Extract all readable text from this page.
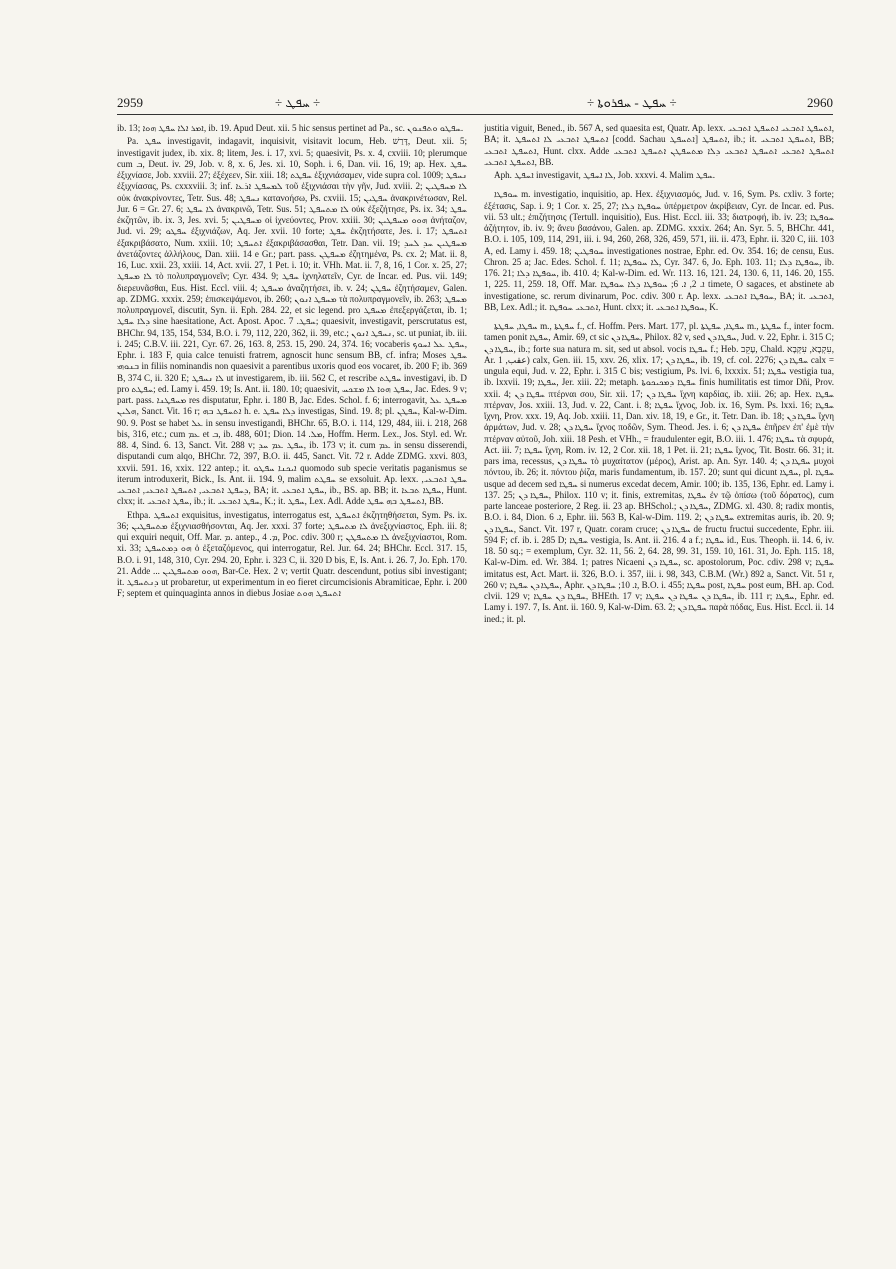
2959	÷ ܚܦܛ ÷	÷ ܚܦܛ - ܚܦܪܘܬܐ ÷	2960

ib. 13; ܐܡܪ ܐܠܐ ܚܦܛ ܗܘܐ, ib. 19. Apud Deut. xii. 5 hic sensus pertinet ad Pa., sc. ܚܦܛܘ ܘܬܦܢܘܢ.

Pa. ܚܦܛ investigavit, indagavit, inquisivit, visitavit locum, Heb. דָּרַשׁ, Deut. xii. 5; investigavit judex, ib. xix. 8; litem, Jes. i. 17, xvi. 5; quaesivit, Ps. x. 4, cxviii. 10; plerumque cum ܒ, Deut. iv. 29, Job. v. 8, x. 6, Jes. xi. 10, Soph. i. 6, Dan. vii. 16, 19; ap. Hex. ܚܦܛ ἐξιχνίασε, Job. xxviii. 27; ἐξέχεεν, Sir. xiii. 18; ܚܦܛܬ ἐξιχνιάσαμεν, vide supra col. 1009; ܢܚܦܛ ἐξιχνίασας, Ps. cxxxviii. 3; inf. ܠܡܚܦܛ ܐܪܥܐ τοῦ ἐξιχνιάσαι τὴν γῆν, Jud. xviii. 2; ܠܐ ܡܚܦܛܝܢ οὐκ ἀνακρίνοντες, Tetr. Sus. 48; ܢܚܦܛ κατανοήσω, Ps. cxviii. 15; ܚܦܛܝܢ ἀνακρινέτωσαν, Rel. Jur. 6 = Gr. 27. 6; ܠܐ ܚܦܛ ἀνακρινῶ, Tetr. Sus. 51; ܠܐ ܡܬܚܦܛ οὐκ ἐξεζήτησε, Ps. ix. 34; ܚܦܛ ἐκζητῶν, ib. ix. 3, Jes. xvi. 5; ܡܚܦܛܝܢ οἱ ἰχνεύοντες, Prov. xxiii. 30; ܗܘܘ ܡܚܦܛܝܢ ἀνήταζον, Jud. vi. 29; ܚܦܛܘ ἐξιχνιάζων, Aq. Jer. xvii. 10 forte; ܚܦܛ ἐκζητήσατε, Jes. i. 17; ܐܬܚܦܛ ἐξακριβάσατο, Num. xxiii. 10; ܐܬܚܦܛ ἐξακριβάσασθαι, Tetr. Dan. vii. 19; ܡܚܦܛܝܢ ܚܕ ܠܚܕ ἀνετάζοντες ἀλλήλους, Dan. xiii. 14 e Gr.; part. pass. ܡܚܦܛܢ ἐζητημένα, Ps. cx. 2; Mat. ii. 8, 16, Luc. xxii. 23, xxiii. 14, Act. xvii. 27, 1 Pet. i. 10; it. VHh. Mat. ii. 7, 8, 16, 1 Cor. x. 25, 27; ܠܐ ܡܚܦܛ τὸ πολυπραγμονεῖν; Cyr. 434. 9; ܚܦܛ ἰχνηλατεῖν, Cyr. de Incar. ed. Pus. vii. 149; διερευνᾶσθαι, Eus. Hist. Eccl. viii. 4; ܡܚܦܛ ἀναζητήσει, ib. v. 24; ܚܦܛܢ ἐζητήσαμεν, Galen. ap. ZDMG. xxxix. 259; ἐπισκεψάμενοι, ib. 260; ܡܚܦܛ ܐܢܘܢ τὰ πολυπραγμονεῖν, ib. 263; ܡܚܦܛ πολυπραγμονεῖ, discutit, Syn. ii. Eph. 284. 22, et sic legend. pro ܡܚܦܛ ἐπεξεργάζεται, ib. 1; ܕܠܐ ܚܦܛ sine haesitatione, Act. Apost. Apoc. ܚܦܛ. 7; quaesivit, investigavit, perscrutatus est, BHChr. 94, 135, 154, 534, B.O. i. 79, 112, 220, 362, ii. 39, etc.; ܢܚܦܛ ܐܢܘܢ, sc. ut puniat, ib. iii. i. 245; C.B.V. iii. 221, Cyr. 67. 26, 163. 8, 253. 15, 290. 24, 374. 16; vocaberis ܚܦܛ ܥܠ ܐܚܘܟ, Ephr. i. 183 F, quia calce tenuisti fratrem, agnoscit hunc sensum BB, cf. infra; Moses ܚܦܛ ܒܢܘܗܝ in filiis nominandis non quaesivit a parentibus uxoris quod eos vocaret, ib. 200 F; ib. 369 B, 374 C, ii. 320 E; ܠܐ ܢܚܦܛ ut investigarem, ib. iii. 562 C, et rescribe ܚܦܛܬ investigavi, ib. D pro ܚܦܛܬ; ed. Lamy i. 459. 19; Is. Ant. ii. 180. 10; quaesivit, ܚܦܛ ܗܘܐ ܠܐ ܡܫܟܚ, Jac. Edes. 9 v; part. pass. ܡܚܦܛܢܐ res disputatur, Ephr. i. 180 B, Jac. Edes. Schol. f. 6; interrogavit, ܡܚܦܛ ܥܠ ܗܠܝܢ, Sanct. Vit. 16 r; ܐܬܚܦܛ ܒܗ h. e. ܕܠܐ ܚܦܛ investigas, Sind. 19. 8; pl. ܚܦܛܢ, Kal-w-Dim. 90. 9. Post se habet ܥܠ in sensu investigandi, BHChr. 65, B.O. i. 114, 129, 484, iii. i. 218, 268 bis, 316, etc.; cum ܥܡ et ܒ, ib. 488, 601; Dion. ܡܠ. 14, Hoffm. Herm. Lex., Jos. Styl. ed. Wr. 88. 4, Sind. 6. 13, Sanct. Vit. 288 v; ܚܦܛ ܥܡ ܚܕ, ib. 173 v; it. cum ܥܡ in sensu disserendi, disputandi cum alqo, BHChr. 72, 397, B.O. ii. 445, Sanct. Vit. 72 r. Adde ZDMG. xxvi. 803, xxvii. 591. 16, xxix. 122 antep.; it. ܐܝܟܢܐ ܚܦܛܘ quomodo sub specie veritatis paganismus se iterum introduxerit, Bick., Is. Ant. ii. 194. 9, malim ܚܦܛܬ se exsoluit. Ap. lexx. ܚܦܛ ܐܬܒܥܝ, ܕܚܦܛ ܐܬܒܥܝ, ܐܬܚܦܛ ܐܬܒܥܝ, ܐܬܒܥܝ, BA; it. ܚܦܛ ܐܬܒܥܝ, ib., BS. ap. BB; it. ܚܦܛܐ ܬܒܥܐ, Hunt. clxx; it. ܚܦܛ ܐܬܒܥܝ, ib.; it. ܚܦܛ ܐܬܒܥܝ, K.; it. ܚܦܛ, Lex. Adl. Adde ܐܬܚܦܛ ܒܗ ܚܦܛ, BB.

Ethpa. ܐܬܚܦܛ exquisitus, investigatus, interrogatus est, ܐܬܚܦܛ ἐκζητηθήσεται, Sym. Ps. ix. 36; ܡܬܚܦܛܝܢ ἐξιχνιασθήσονται, Aq. Jer. xxxi. 37 forte; ܠܐ ܡܬܚܦܛ ἀνεξιχνίαστος, Eph. iii. 8; qui exquiri nequit, Off. Mar. ܡ. antep., ܡ. 4, Poc. cdiv. 300 r; ܠܐ ܡܬܚܦܛܢ ἀνεξιχνίαστοι, Rom. xi. 33; ܗܘ ܕܡܬܚܦܛ ὁ ἐξεταζόμενος, qui interrogatur, Rel. Jur. 64. 24; BHChr. Eccl. 317. 15, B.O. i. 91, 148, 310, Cyr. 294. 20, Ephr. i. 323 C, ii. 320 D bis, E, Is. Ant. i. 26. 7, Jo. Eph. 170. 21. Adde ... ܗܘܘ ܡܬܚܦܛܝܢ, Bar-Ce. Hex. 2 v; vertit Quatr. descendunt, potius sibi investigant; it. ܕܢܬܚܦܛ ut probaretur, ut experimentum in eo fieret circumcisionis Abramiticae, Ephr. i. 200 F; septem et quinquaginta annos in diebus Josiae ܐܬܚܦܛ ܗܘܬ

justitia viguit, Bened., ib. 567 A, sed quaesita est, Quatr. Ap. lexx. ܐܬܚܦܛ ܐܬܒܥܝ ܐܬܚܦܛ ܐܬܒܥܝ, BA; it. ܐܬܚܦܛ ܐܬܒܥܝ ܠܐ ܐܬܚܦܛ [codd. Sachau ܐܬܚܦܛ] ܐܬܚܦܛ, ib.; it. ܐܬܚܦܛ ܐܬܒܥܝ, BB; ܐܬܚܦܛ ܐܬܒܥܝ, Hunt. clxx. Adde ܐܬܚܦܛ ܐܬܒܥܝ ܐܬܚܦܛ ܐܬܒܥܝ ܕܠܐ ܡܬܚܦܛܢ ܐܬܚܦܛ ܐܬܒܥܝ ܐܬܚܦܛ ܐܬܒܥܝ, BB.

Aph. ܐܚܦܛ investigavit, ܠܐ ܐܚܦܛ, Job. xxxvi. 4. Malim ܚܦܛ.

ܚܘܦܛܐ m. investigatio, inquisitio, ap. Hex. ἐξιχνιασμός, Jud. v. 16, Sym. Ps. cxliv. 3 forte; ἐξέτασις, Sap. i. 9; 1 Cor. x. 25, 27; ܚܘܦܛܐ ܕܠܐ ὑπέρμετρον ἀκρίβειαν, Cyr. de Incar. ed. Pus. vii. 53 ult.; ἐπιζήτησις (Tertull. inquisitio), Eus. Hist. Eccl. iii. 33; διατροφή, ib. iv. 23; ܚܘܦܛܐ ἀζήτητον, ib. iv. 9; ἄνευ βασάνου, Galen. ap. ZDMG. xxxix. 264; An. Syr. 5. 5, BHChr. 441, B.O. i. 105, 109, 114, 291, iii. i. 94, 260, 268, 326, 459, 571, iii. ii. 473, Ephr. ii. 320 C, iii. 103 A, ed. Lamy i. 459. 18; ܚܘܦܛܝܢ investigationes nostrae, Ephr. ed. Ov. 354. 16; de censu, Eus. Chron. 25 a; Jac. Edes. Schol. f. 11; ܠܐ ܚܘܦܛܐ, Cyr. 347. 6, Jo. Eph. 103. 11; ܚܘܦܛܐ ܕܠܐ, ib. 176. 21; ܚܘܦܛܐ ܕܠܐ, ib. 410. 4; Kal-w-Dim. ed. Wr. 113. 16, 121. 24, 130. 6, 11, 146. 20, 155. 1, 225. 11, 259. 18, Off. Mar. ܐ. 2, ܐ. 6; ܚܘܦܛܐ ܕܠܐ ܚܘܦܛܐ timete, O sagaces, et abstinete ab investigatione, sc. rerum divinarum, Poc. cdiv. 300 r. Ap. lexx. ܚܘܦܛܐ ܐܬܒܥܝ, BA; it. ܐܬܒܥܝ, BB, Lex. Adl.; it. ܐܬܒܥܝ ܚܘܦܛܐ, Hunt. clxx; it. ܚܘܦܛܐ ܐܬܒܥܝ, K.

ܚܦܛܐ, ܚܦܛܬܐ m., ܚܦܛܬܐ f., cf. Hoffm. Pers. Mart. 177, pl. ܚܦܛܐ, ܚܦܛܬܐ m., ܚܦܛܬܐ f., inter focm. tamen ponit ܚܦܛܐ, Amir. 69, ct sic ܚܦܛܐ ܕܢ, Philox. 82 v, sed ܚܦܛܐ ܕܢ, Jud. v. 22, Ephr. i. 315 C; ܚܦܛܐ ܕܢ, ib.; forte sua natura m. sit, sed ut absol. vocis ܚܦܛܐ f.; Heb. עָקֵב, Chald. עִקְבָא, עִקְּבָא, Ar. عقب, 1) calx, Gen. iii. 15, xxv. 26, xlix. 17; ܚܦܛܐ ܕܢ, ib. 19, cf. col. 2276; ܚܦܛܐ ܕܢ calx = ungula equi, Jud. v. 22, Ephr. i. 315 C bis; vestigium, Ps. lvi. 6, lxxxix. 51; ܚܦܛܐ vestigia tua, ib. lxxvii. 19; ܚܦܛܐ, Jer. xiii. 22; metaph. ܚܦܛܐ ܕܡܟܝܟܘܬܐ finis humilitatis est timor Dñi, Prov. xxii. 4; ܚܦܛܐ ܕܢ πτέρναι σου, Sir. xii. 17; ܚܦܛܐ ܕܢ ἴχνη καρδίας, ib. xiii. 26; ap. Hex. ܚܦܛܐ πτέρναν, Jos. xxiii. 13, Jud. v. 22, Cant. i. 8; ܚܦܛܐ ἴχνος, Job. ix. 16, Sym. Ps. lxxi. 16; ܚܦܛܐ ἴχνη, Prov. xxx. 19, Aq. Job. xxiii. 11, Dan. xiv. 18, 19, e Gr., it. Tetr. Dan. ib. 18; ܚܦܛܐ ܕܢ ἴχνη ἀρμάτων, Jud. v. 28; ܚܦܛܐ ܕܢ ἴχνος ποδῶν, Sym. Theod. Jes. i. 6; ܚܦܛܐ ܕܢ ἐπῆρεν ἐπ' ἐμὲ τὴν πτέρναν αὐτοῦ, Joh. xiii. 18 Pesh. et VHh., = fraudulenter egit, B.O. iii. 1. 476; ܚܦܛܐ τὰ σφυρά, Act. iii. 7; ܚܦܛܐ ἴχνη, Rom. iv. 12, 2 Cor. xii. 18, 1 Pet. ii. 21; ܚܦܛܐ ἴχνος, Tit. Bostr. 66. 31; it. pars ima, recessus, ܚܦܛܐ ܕܢ τὸ μυχαίτατον (μέρος), Arist. ap. An. Syr. 140. 4; ܚܦܛܐ ܕܢ μυχοὶ πόντου, ib. 26; it. πόντου ῥίζα, maris fundamentum, ib. 157. 20; sunt qui dicunt ܚܦܛܐ, pl. ܚܦܛܐ usque ad decem sed ܚܦܛܐ si numerus excedat decem, Amir. 100; ib. 135, 136, Ephr. ed. Lamy i. 137. 25; ܚܦܛܐ ܕܢ, Philox. 110 v; it. finis, extremitas, ܚܦܛܐ ἐν τῷ ὀπίσω (τοῦ δόρατος), cum parte lanceae posteriore, 2 Reg. ii. 23 ap. BHSchol.; ܚܦܛܐ ܕܢ, ZDMG. xl. 430. 8; radix montis, B.O. i. 84, Dion. ܐ. 6, Ephr. iii. 563 B, Kal-w-Dim. 119. 2; ܚܦܛܐ ܕܢ extremitas auris, ib. 20. 9; ܚܦܛܐ ܕܢ, Sanct. Vit. 197 r, Quatr. coram cruce; ܚܦܛܐ ܕܢ de fructu fructui succedente, Ephr. iii. 594 F; cf. ib. i. 285 D; ܚܦܛܐ vestigia, Is. Ant. ii. 216. 4 a f.; ܚܦܛܐ id., Eus. Theoph. ii. 14. 6, iv. 18. 50 sq.; = exemplum, Cyr. 32. 11, 56. 2, 64. 28, 99. 31, 159. 10, 161. 31, Jo. Eph. 115. 18, Kal-w-Dim. ed. Wr. 384. 1; patres Nicaeni ܚܦܛܐ ܕܢ, sc. apostolorum, Poc. cdiv. 298 v; ܚܦܛܐ imitatus est, Act. Mart. ii. 326, B.O. i. 357, iii. i. 98, 343, C.B.M. (Wr.) 892 a, Sanct. Vit. 51 r, 260 v; ܚܦܛܐ ܕܢ ܚܦܛܐ, Aphr. ܐ. 10; ܚܦܛܐ ܕܢ, B.O. i. 455; ܚܦܛܐ post, ܚܦܛܐ post eum, BH. ap. Cod. clvii. 129 v; ܚܦܛܐ ܕܢ ܚܦܛܐ, BHEth. 17 v; ܚܦܛܐ ܕܢ ܚܦܛܐ ܕܢ ܚܦܛܐ, ib. 111 r; ܚܦܛܐ, Ephr. ed. Lamy i. 197. 7, Is. Ant. ii. 160. 9, Kal-w-Dim. 63. 2; ܚܦܛܐ ܕܢ παρὰ πόδας, Eus. Hist. Eccl. ii. 14 ined.; it. pl.
